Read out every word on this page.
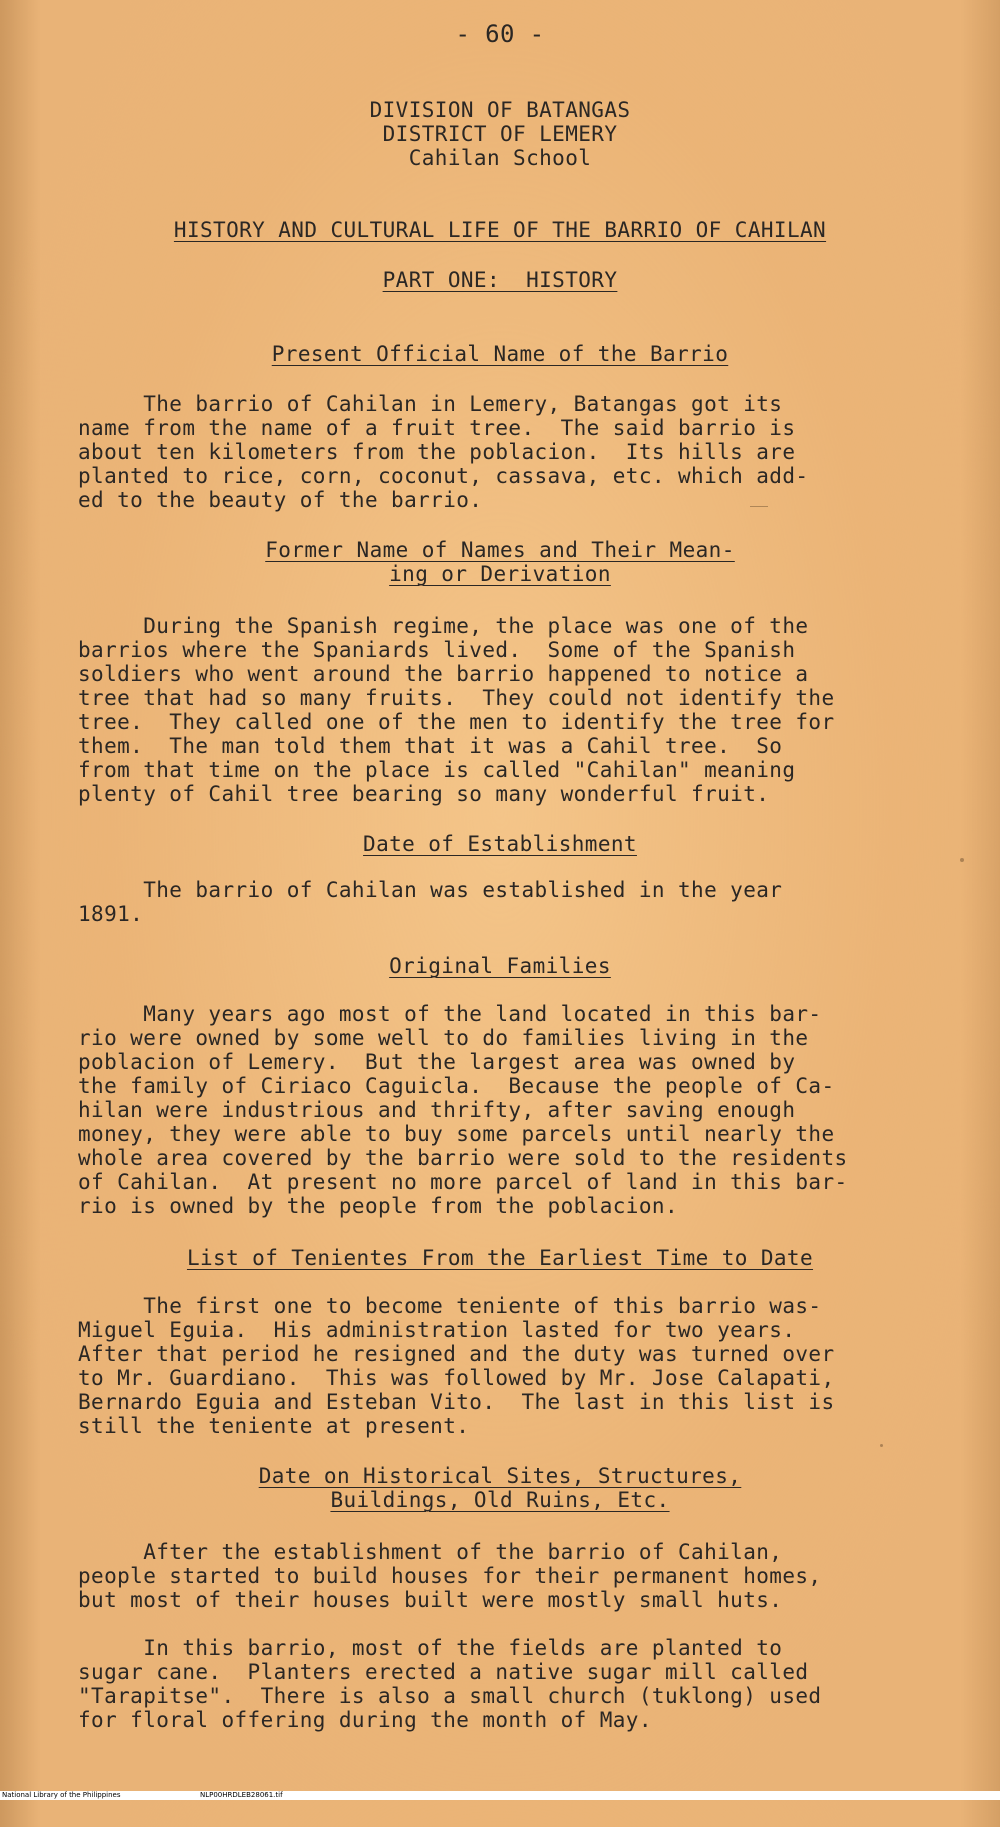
- 60 -
DIVISION OF BATANGAS
DISTRICT OF LEMERY
Cahilan School
HISTORY AND CULTURAL LIFE OF THE BARRIO OF CAHILAN
PART ONE:  HISTORY
Present Official Name of the Barrio
The barrio of Cahilan in Lemery, Batangas got its
name from the name of a fruit tree.  The said barrio is
about ten kilometers from the poblacion.  Its hills are
planted to rice, corn, coconut, cassava, etc. which add-
ed to the beauty of the barrio.
Former Name of Names and Their Mean-
ing or Derivation
During the Spanish regime, the place was one of the
barrios where the Spaniards lived.  Some of the Spanish
soldiers who went around the barrio happened to notice a
tree that had so many fruits.  They could not identify the
tree.  They called one of the men to identify the tree for
them.  The man told them that it was a Cahil tree.  So
from that time on the place is called "Cahilan" meaning
plenty of Cahil tree bearing so many wonderful fruit.
Date of Establishment
The barrio of Cahilan was established in the year
1891.
Original Families
Many years ago most of the land located in this bar-
rio were owned by some well to do families living in the
poblacion of Lemery.  But the largest area was owned by
the family of Ciriaco Caguicla.  Because the people of Ca-
hilan were industrious and thrifty, after saving enough
money, they were able to buy some parcels until nearly the
whole area covered by the barrio were sold to the residents
of Cahilan.  At present no more parcel of land in this bar-
rio is owned by the people from the poblacion.
List of Tenientes From the Earliest Time to Date
The first one to become teniente of this barrio was-
Miguel Eguia.  His administration lasted for two years.
After that period he resigned and the duty was turned over
to Mr. Guardiano.  This was followed by Mr. Jose Calapati,
Bernardo Eguia and Esteban Vito.  The last in this list is
still the teniente at present.
Date on Historical Sites, Structures,
Buildings, Old Ruins, Etc.
After the establishment of the barrio of Cahilan,
people started to build houses for their permanent homes,
but most of their houses built were mostly small huts.
In this barrio, most of the fields are planted to
sugar cane.  Planters erected a native sugar mill called
"Tarapitse".  There is also a small church (tuklong) used
for floral offering during the month of May.

National Library of the Philippines

	NLP00HRDLEB28061.tif
